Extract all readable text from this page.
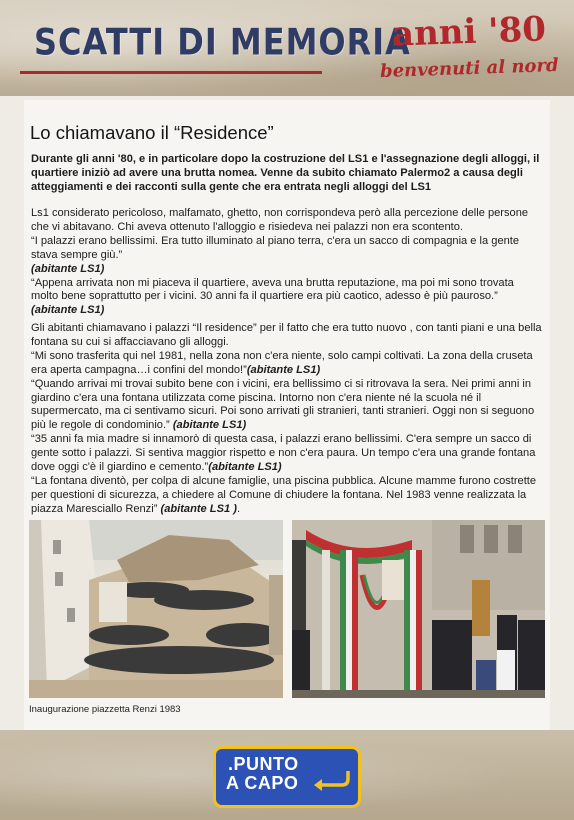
SCATTI DI MEMORIA
anni '80
benvenuti al nord
Lo chiamavano il “Residence”

Durante gli anni '80, e in particolare dopo la costruzione del LS1 e l'assegnazione degli alloggi, il quartiere iniziò ad avere una brutta nomea. Venne da subito chiamato Palermo2 a causa degli atteggiamenti e dei racconti sulla gente che era entrata negli alloggi del LS1

Ls1 considerato pericoloso, malfamato, ghetto, non corrispondeva però alla percezione delle persone che vi abitavano. Chi aveva ottenuto l'alloggio e risiedeva nei palazzi non era scontento.

“I palazzi erano bellissimi. Era tutto illuminato al piano terra, c'era un sacco di compagnia e la gente stava sempre giù.”

(abitante LS1)

“Appena arrivata non mi piaceva il quartiere, aveva una brutta reputazione, ma poi mi sono trovata molto bene soprattutto per i vicini. 30 anni fa il quartiere era più caotico, adesso è più pauroso.”

(abitante LS1)

Gli abitanti chiamavano i palazzi “Il residence” per il fatto che era tutto nuovo , con tanti piani e una bella fontana su cui si affacciavano gli alloggi.

“Mi sono trasferita qui nel 1981, nella zona non c'era niente, solo campi coltivati. La zona della cruseta era aperta campagna…i confini del mondo!”(abitante LS1)

“Quando arrivai mi trovai subito bene con i vicini, era bellissimo ci si ritrovava la sera. Nei primi anni in giardino c'era una fontana utilizzata come piscina. Intorno non c'era niente né la scuola né il supermercato, ma ci sentivamo sicuri. Poi sono arrivati gli stranieri, tanti stranieri. Oggi non si seguono più le regole di condominio.” (abitante LS1)

“35 anni fa mia madre si innamorò di questa casa, i palazzi erano bellissimi. C'era sempre un sacco di gente sotto i palazzi. Si sentiva maggior rispetto e non c'era paura. Un tempo c'era una grande fontana dove oggi c'è il giardino e cemento.”(abitante LS1)

“La fontana diventò, per colpa di alcune famiglie, una piscina pubblica. Alcune mamme furono costrette per questioni di sicurezza, a chiedere al Comune di chiudere la fontana. Nel 1983 venne realizzata la piazza Maresciallo Renzi” (abitante LS1 ).

Inaugurazione piazzetta Renzi 1983
.PUNTO
A CAPO
